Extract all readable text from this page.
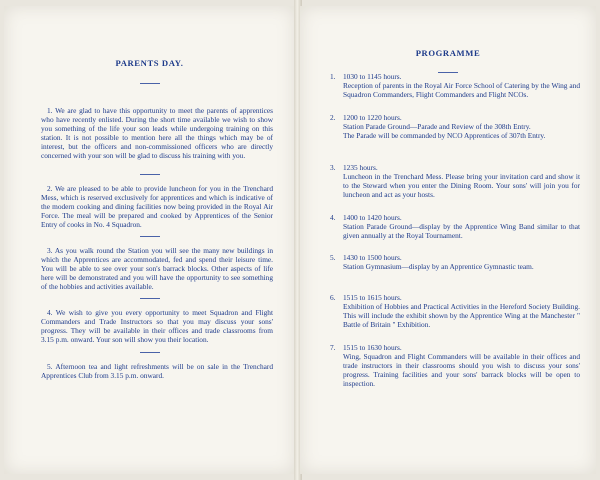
PARENTS DAY.
1. We are glad to have this opportunity to meet the parents of apprentices who have recently enlisted. During the short time available we wish to show you something of the life your son leads while undergoing training on this station. It is not possible to mention here all the things which may be of interest, but the officers and non-commissioned officers who are directly concerned with your son will be glad to discuss his training with you.
2. We are pleased to be able to provide luncheon for you in the Trenchard Mess, which is reserved exclusively for apprentices and which is indicative of the modern cooking and dining facilities now being provided in the Royal Air Force. The meal will be prepared and cooked by Apprentices of the Senior Entry of cooks in No. 4 Squadron.
3. As you walk round the Station you will see the many new buildings in which the Apprentices are accommodated, fed and spend their leisure time. You will be able to see over your son's barrack blocks. Other aspects of life here will be demonstrated and you will have the opportunity to see something of the hobbies and activities available.
4. We wish to give you every opportunity to meet Squadron and Flight Commanders and Trade Instructors so that you may discuss your sons' progress. They will be available in their offices and trade classrooms from 3.15 p.m. onward. Your son will show you their location.
5. Afternoon tea and light refreshments will be on sale in the Trenchard Apprentices Club from 3.15 p.m. onward.
PROGRAMME
1. 1030 to 1145 hours.
Reception of parents in the Royal Air Force School of Catering by the Wing and Squadron Commanders, Flight Commanders and Flight NCOs.
2. 1200 to 1220 hours.
Station Parade Ground—Parade and Review of the 308th Entry.
The Parade will be commanded by NCO Apprentices of 307th Entry.
3. 1235 hours.
Luncheon in the Trenchard Mess. Please bring your invitation card and show it to the Steward when you enter the Dining Room. Your sons' will join you for luncheon and act as your hosts.
4. 1400 to 1420 hours.
Station Parade Ground—display by the Apprentice Wing Band similar to that given annually at the Royal Tournament.
5. 1430 to 1500 hours.
Station Gymnasium—display by an Apprentice Gymnastic team.
6. 1515 to 1615 hours.
Exhibition of Hobbies and Practical Activities in the Hereford Society Building. This will include the exhibit shown by the Apprentice Wing at the Manchester " Battle of Britain " Exhibition.
7. 1515 to 1630 hours.
Wing, Squadron and Flight Commanders will be available in their offices and trade instructors in their classrooms should you wish to discuss your sons' progress. Training facilities and your sons' barrack blocks will be open to inspection.
